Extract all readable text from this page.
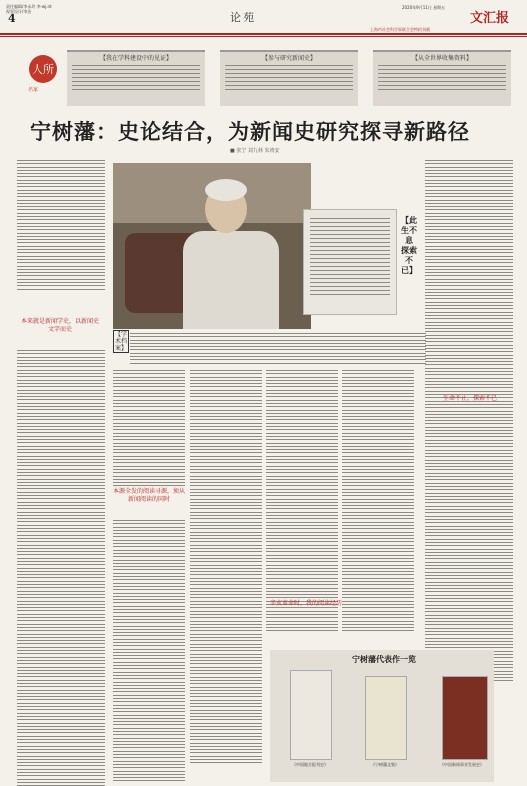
责任编辑/李永玲 李·wj.nt
视觉设计/李洁
4	论苑
2020年9月11日 星期五
文汇报
上海市社会科学界联合会特约刊载
人所
名家
【我在学科建设中的见证】	【参与研究新闻史】	【从全世界收集资料】
宁树藩：史论结合，为新闻史研究探寻新路径
■ 张宁 刘九林 朱靖安
本来就是新闻学史，以新闻史文字而史
【此生不息 探索不已】
【学术档案】
本源全发的阅读寻源，须从新闻阅读的同时
辛亥革命时，我的阅读经历
生命不止，探索不已
宁树藩代表作一览
《中国地方报刊史》	《宁树藩文集》	《中国新闻事业发展史》
